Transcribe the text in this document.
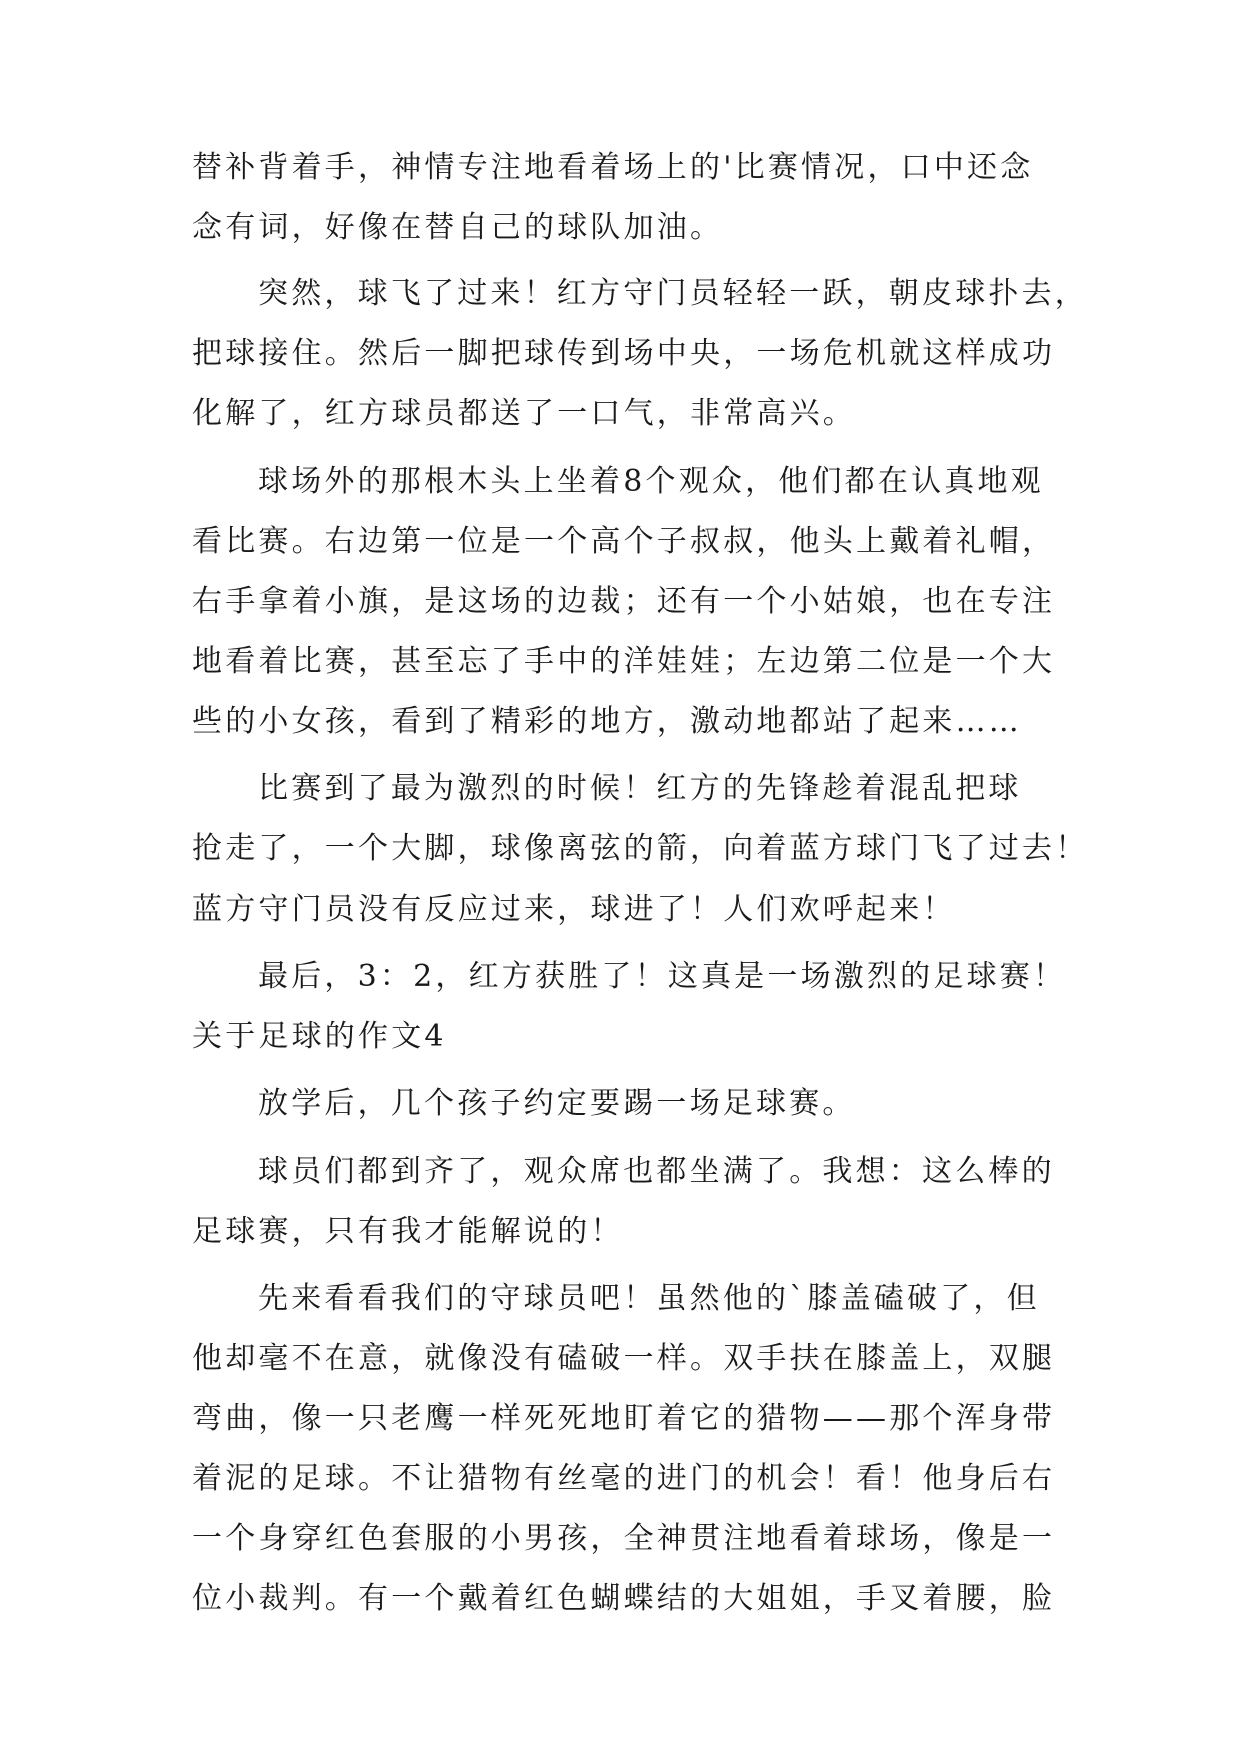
替补背着手，神情专注地看着场上的'比赛情况，口中还念
念有词，好像在替自己的球队加油。
突然，球飞了过来！红方守门员轻轻一跃，朝皮球扑去，
把球接住。然后一脚把球传到场中央，一场危机就这样成功
化解了，红方球员都送了一口气，非常高兴。
球场外的那根木头上坐着8个观众，他们都在认真地观
看比赛。右边第一位是一个高个子叔叔，他头上戴着礼帽，
右手拿着小旗，是这场的边裁；还有一个小姑娘，也在专注
地看着比赛，甚至忘了手中的洋娃娃；左边第二位是一个大
些的小女孩，看到了精彩的地方，激动地都站了起来……
比赛到了最为激烈的时候！红方的先锋趁着混乱把球
抢走了，一个大脚，球像离弦的箭，向着蓝方球门飞了过去！
蓝方守门员没有反应过来，球进了！人们欢呼起来！
最后，3：2，红方获胜了！这真是一场激烈的足球赛！
关于足球的作文4
放学后，几个孩子约定要踢一场足球赛。
球员们都到齐了，观众席也都坐满了。我想：这么棒的
足球赛，只有我才能解说的！
先来看看我们的守球员吧！虽然他的`膝盖磕破了，但
他却毫不在意，就像没有磕破一样。双手扶在膝盖上，双腿
弯曲，像一只老鹰一样死死地盯着它的猎物——那个浑身带
着泥的足球。不让猎物有丝毫的进门的机会！看！他身后右
一个身穿红色套服的小男孩，全神贯注地看着球场，像是一
位小裁判。有一个戴着红色蝴蝶结的大姐姐，手叉着腰，脸
